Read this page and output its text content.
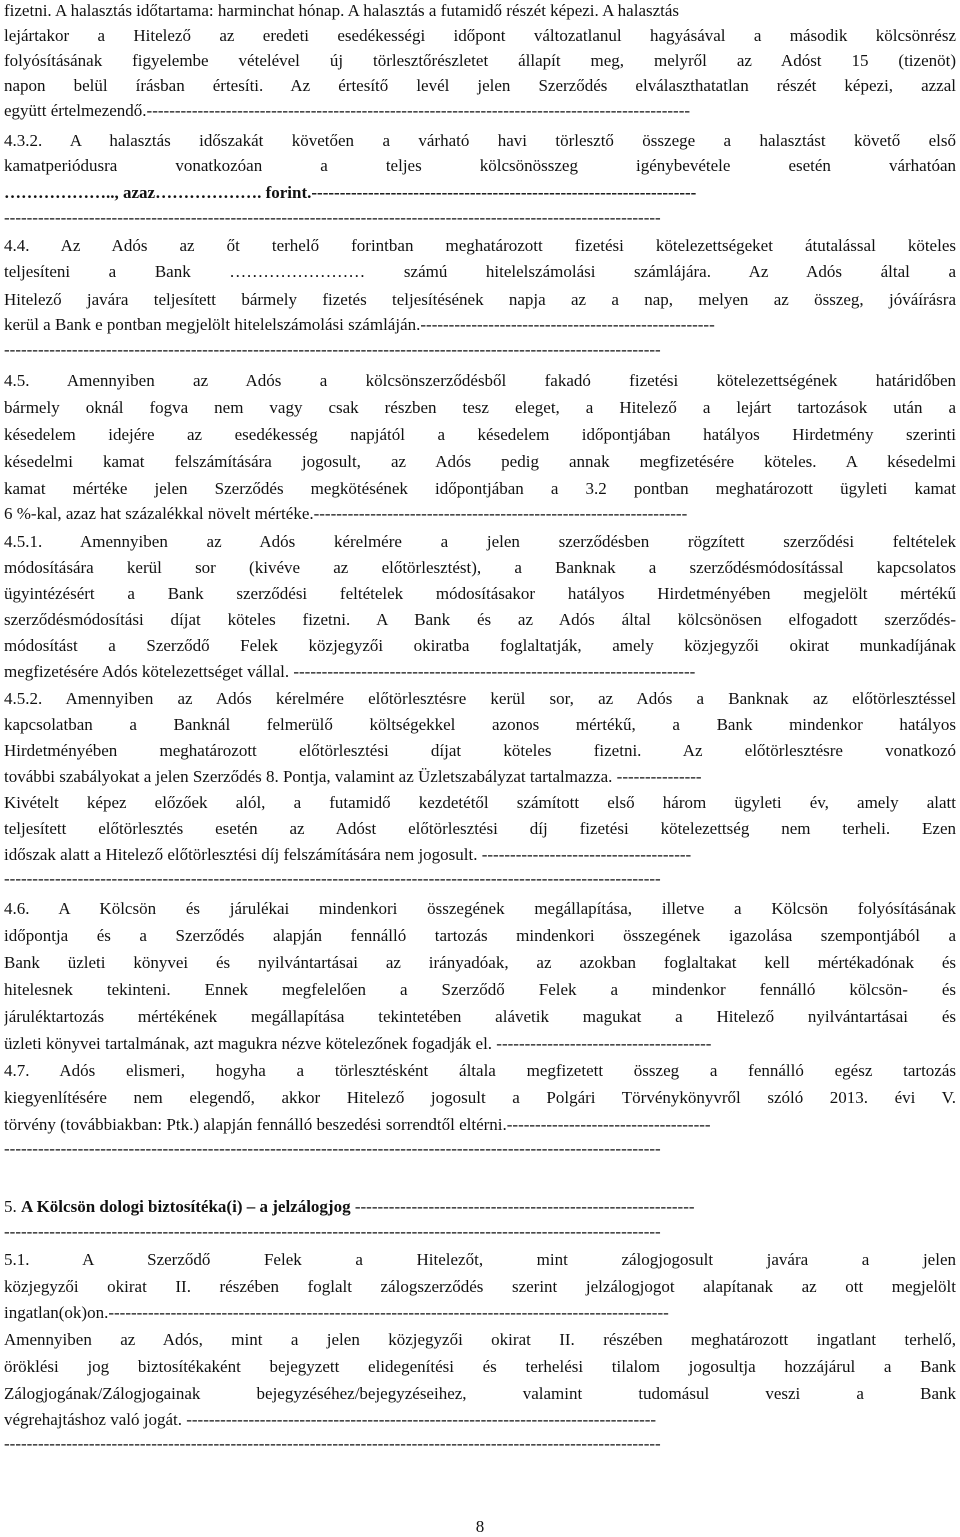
fizetni. A halasztás időtartama: harminchat hónap. A halasztás a futamidő részét képezi. A halasztás
lejártakor a Hitelező az eredeti esedékességi időpont változatlanul hagyásával a második kölcsönrész
folyósításának figyelembe vételével új törlesztőrészletet állapít meg, melyről az Adóst 15 (tizenöt)
napon belül írásban értesíti. Az értesítő levél jelen Szerződés elválaszthatatlan részét képezi, azzal
együtt értelmezendő.------------------------------------------------------------------------------------------------
4.3.2. A halasztás időszakát követően a várható havi törlesztő összege a halasztást követő első
kamatperiódusra vonatkozóan a teljes kölcsönösszeg igénybevétele esetén várhatóan
……………….., azaz………………. forint.--------------------------------------------------------------------
--------------------------------------------------------------------------------------------------------------------
4.4. Az Adós az őt terhelő forintban meghatározott fizetési kötelezettségeket átutalással köteles
teljesíteni a Bank …………………… számú hitelelszámolási számlájára. Az Adós által a
Hitelező javára teljesített bármely fizetés teljesítésének napja az a nap, melyen az összeg, jóváírásra
kerül a Bank e pontban megjelölt hitelelszámolási számláján.----------------------------------------------------
--------------------------------------------------------------------------------------------------------------------
4.5. Amennyiben az Adós a kölcsönszerződésből fakadó fizetési kötelezettségének határidőben
bármely oknál fogva nem vagy csak részben tesz eleget, a Hitelező a lejárt tartozások után a
késedelem idejére az esedékesség napjától a késedelem időpontjában hatályos Hirdetmény szerinti
késedelmi kamat felszámítására jogosult, az Adós pedig annak megfizetésére köteles. A késedelmi
kamat mértéke jelen Szerződés megkötésének időpontjában a 3.2 pontban meghatározott ügyleti kamat
6 %-kal, azaz hat százalékkal növelt mértéke.------------------------------------------------------------------
4.5.1. Amennyiben az Adós kérelmére a jelen szerződésben rögzített szerződési feltételek
módosítására kerül sor (kivéve az előtörlesztést), a Banknak a szerződésmódosítással kapcsolatos
ügyintézésért a Bank szerződési feltételek módosításakor hatályos Hirdetményében megjelölt mértékű
szerződésmódosítási díjat köteles fizetni. A Bank és az Adós által kölcsönösen elfogadott szerződés-
módosítást a Szerződő Felek közjegyzői okiratba foglaltatják, amely közjegyzői okirat munkadíjának
megfizetésére Adós kötelezettséget vállal. -----------------------------------------------------------------------
4.5.2. Amennyiben az Adós kérelmére előtörlesztésre kerül sor, az Adós a Banknak az előtörlesztéssel
kapcsolatban a Banknál felmerülő költségekkel azonos mértékű, a Bank mindenkor hatályos
Hirdetményében meghatározott előtörlesztési díjat köteles fizetni. Az előtörlesztésre vonatkozó
további szabályokat a jelen Szerződés 8. Pontja, valamint az Üzletszabályzat tartalmazza. ---------------
Kivételt képez előzőek alól, a futamidő kezdetétől számított első három ügyleti év, amely alatt
teljesített előtörlesztés esetén az Adóst előtörlesztési díj fizetési kötelezettség nem terheli. Ezen
időszak alatt a Hitelező előtörlesztési díj felszámítására nem jogosult. -------------------------------------
--------------------------------------------------------------------------------------------------------------------
4.6. A Kölcsön és járulékai mindenkori összegének megállapítása, illetve a Kölcsön folyósításának
időpontja és a Szerződés alapján fennálló tartozás mindenkori összegének igazolása szempontjából a
Bank üzleti könyvei és nyilvántartásai az irányadóak, az azokban foglaltakat kell mértékadónak és
hitelesnek tekinteni. Ennek megfelelően a Szerződő Felek a mindenkor fennálló kölcsön- és
járuléktartozás mértékének megállapítása tekintetében alávetik magukat a Hitelező nyilvántartásai és
üzleti könyvei tartalmának, azt magukra nézve kötelezőnek fogadják el. --------------------------------------
4.7. Adós elismeri, hogyha a törlesztésként általa megfizetett összeg a fennálló egész tartozás
kiegyenlítésére nem elegendő, akkor Hitelező jogosult a Polgári Törvénykönyvről szóló 2013. évi V.
törvény (továbbiakban: Ptk.) alapján fennálló beszedési sorrendtől eltérni.------------------------------------
--------------------------------------------------------------------------------------------------------------------
5. A Kölcsön dologi biztosítéka(i) – a jelzálogjog ------------------------------------------------------------
--------------------------------------------------------------------------------------------------------------------
5.1. A Szerződő Felek a Hitelezőt, mint zálogjogosult javára a jelen
közjegyzői okirat II. részében foglalt zálogszerződés szerint jelzálogjogot alapítanak az ott megjelölt
ingatlan(ok)on.---------------------------------------------------------------------------------------------------
Amennyiben az Adós, mint a jelen közjegyzői okirat II. részében meghatározott ingatlant terhelő,
öröklési jog biztosítékaként bejegyzett elidegenítési és terhelési tilalom jogosultja hozzájárul a Bank
Zálogjogának/Zálogjogainak bejegyzéséhez/bejegyzéseihez, valamint tudomásul veszi a Bank
végrehajtáshoz való jogát. -----------------------------------------------------------------------------------
--------------------------------------------------------------------------------------------------------------------
8
